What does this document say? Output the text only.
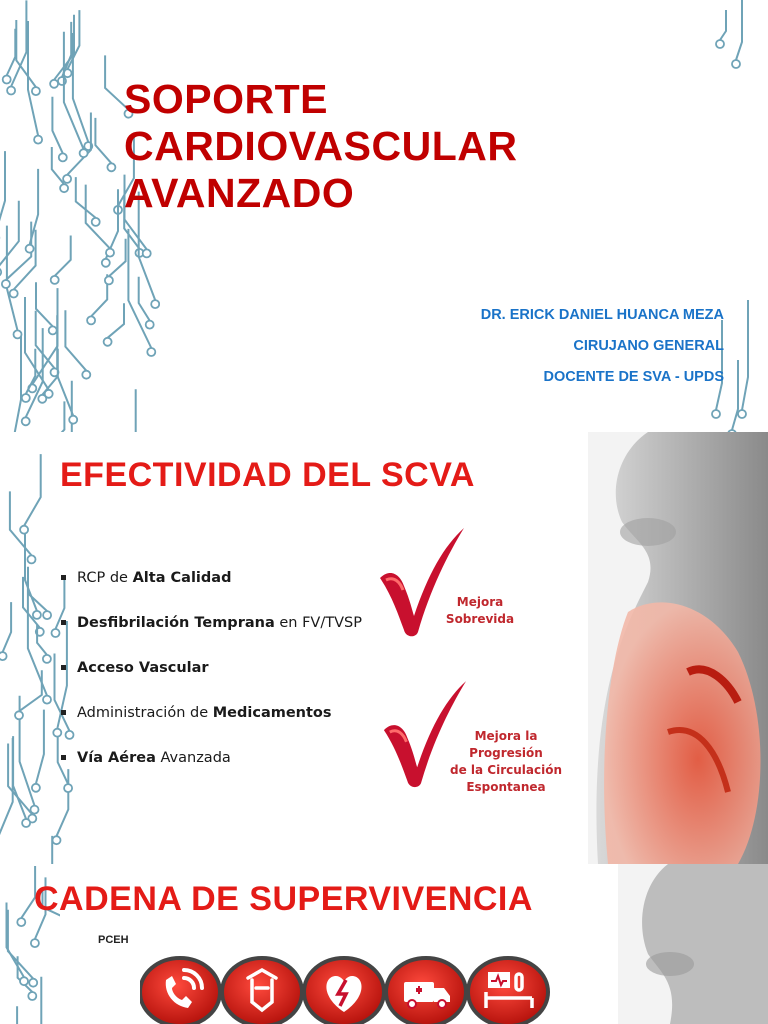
SOPORTE
CARDIOVASCULAR
AVANZADO
DR. ERICK DANIEL HUANCA MEZA
CIRUJANO GENERAL
DOCENTE DE SVA - UPDS
EFECTIVIDAD DEL SCVA
RCP de Alta Calidad
Desfibrilación Temprana en FV/TVSP
Acceso Vascular
Administración de Medicamentos
Vía Aérea Avanzada
Mejora
Sobrevida
Mejora la Progresión
de la Circulación
Espontanea
CADENA DE SUPERVIVENCIA
PCEH
